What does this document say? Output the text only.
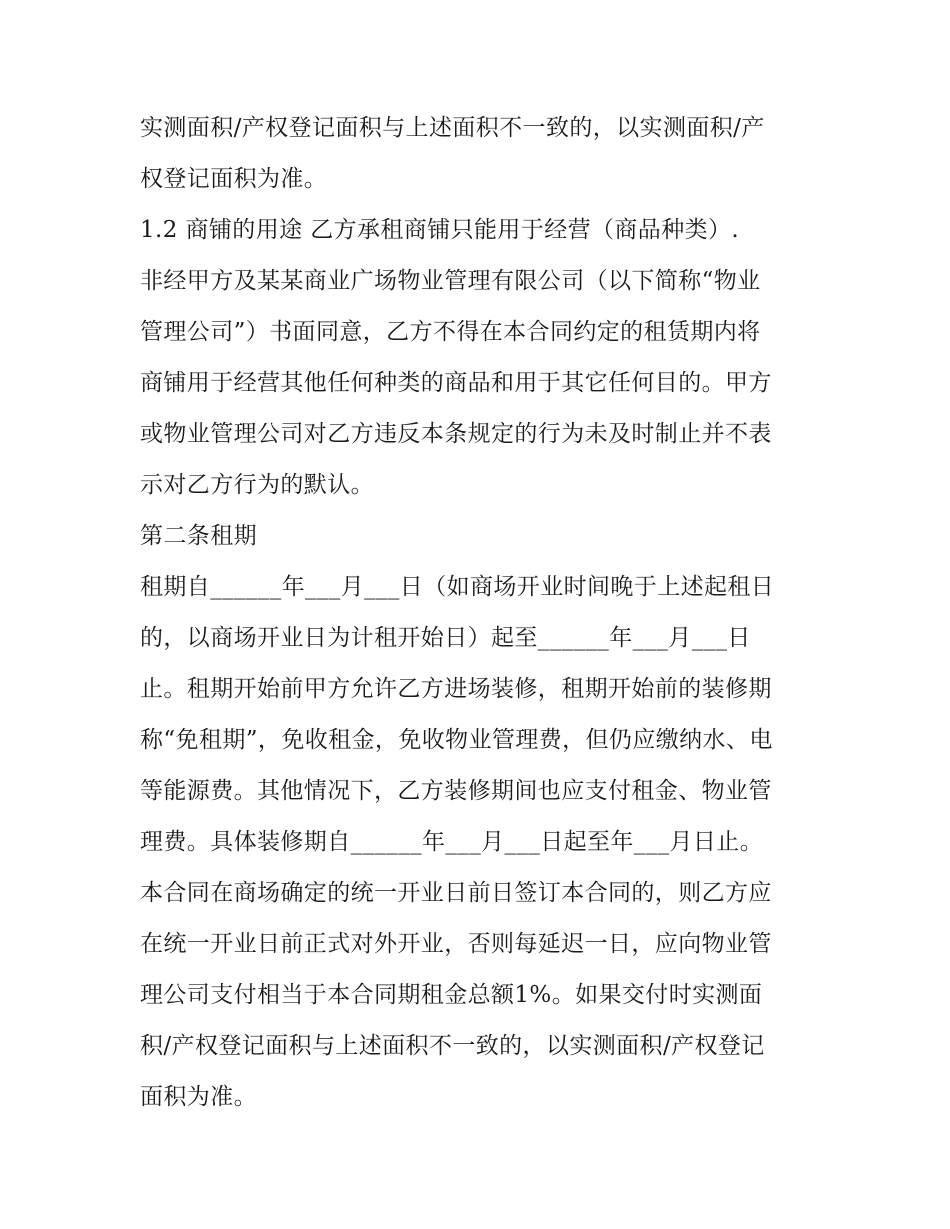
实测面积/产权登记面积与上述面积不一致的，以实测面积/产
权登记面积为准。
1.2 商铺的用途 乙方承租商铺只能用于经营（商品种类）.
非经甲方及某某商业广场物业管理有限公司（以下简称“物业
管理公司”）书面同意，乙方不得在本合同约定的租赁期内将
商铺用于经营其他任何种类的商品和用于其它任何目的。甲方
或物业管理公司对乙方违反本条规定的行为未及时制止并不表
示对乙方行为的默认。
第二条租期
租期自______年___月___日（如商场开业时间晚于上述起租日
的，以商场开业日为计租开始日）起至______年___月___日
止。租期开始前甲方允许乙方进场装修，租期开始前的装修期
称“免租期”，免收租金，免收物业管理费，但仍应缴纳水、电
等能源费。其他情况下，乙方装修期间也应支付租金、物业管
理费。具体装修期自______年___月___日起至年___月日止。
本合同在商场确定的统一开业日前日签订本合同的，则乙方应
在统一开业日前正式对外开业，否则每延迟一日，应向物业管
理公司支付相当于本合同期租金总额1%。如果交付时实测面
积/产权登记面积与上述面积不一致的，以实测面积/产权登记
面积为准。
